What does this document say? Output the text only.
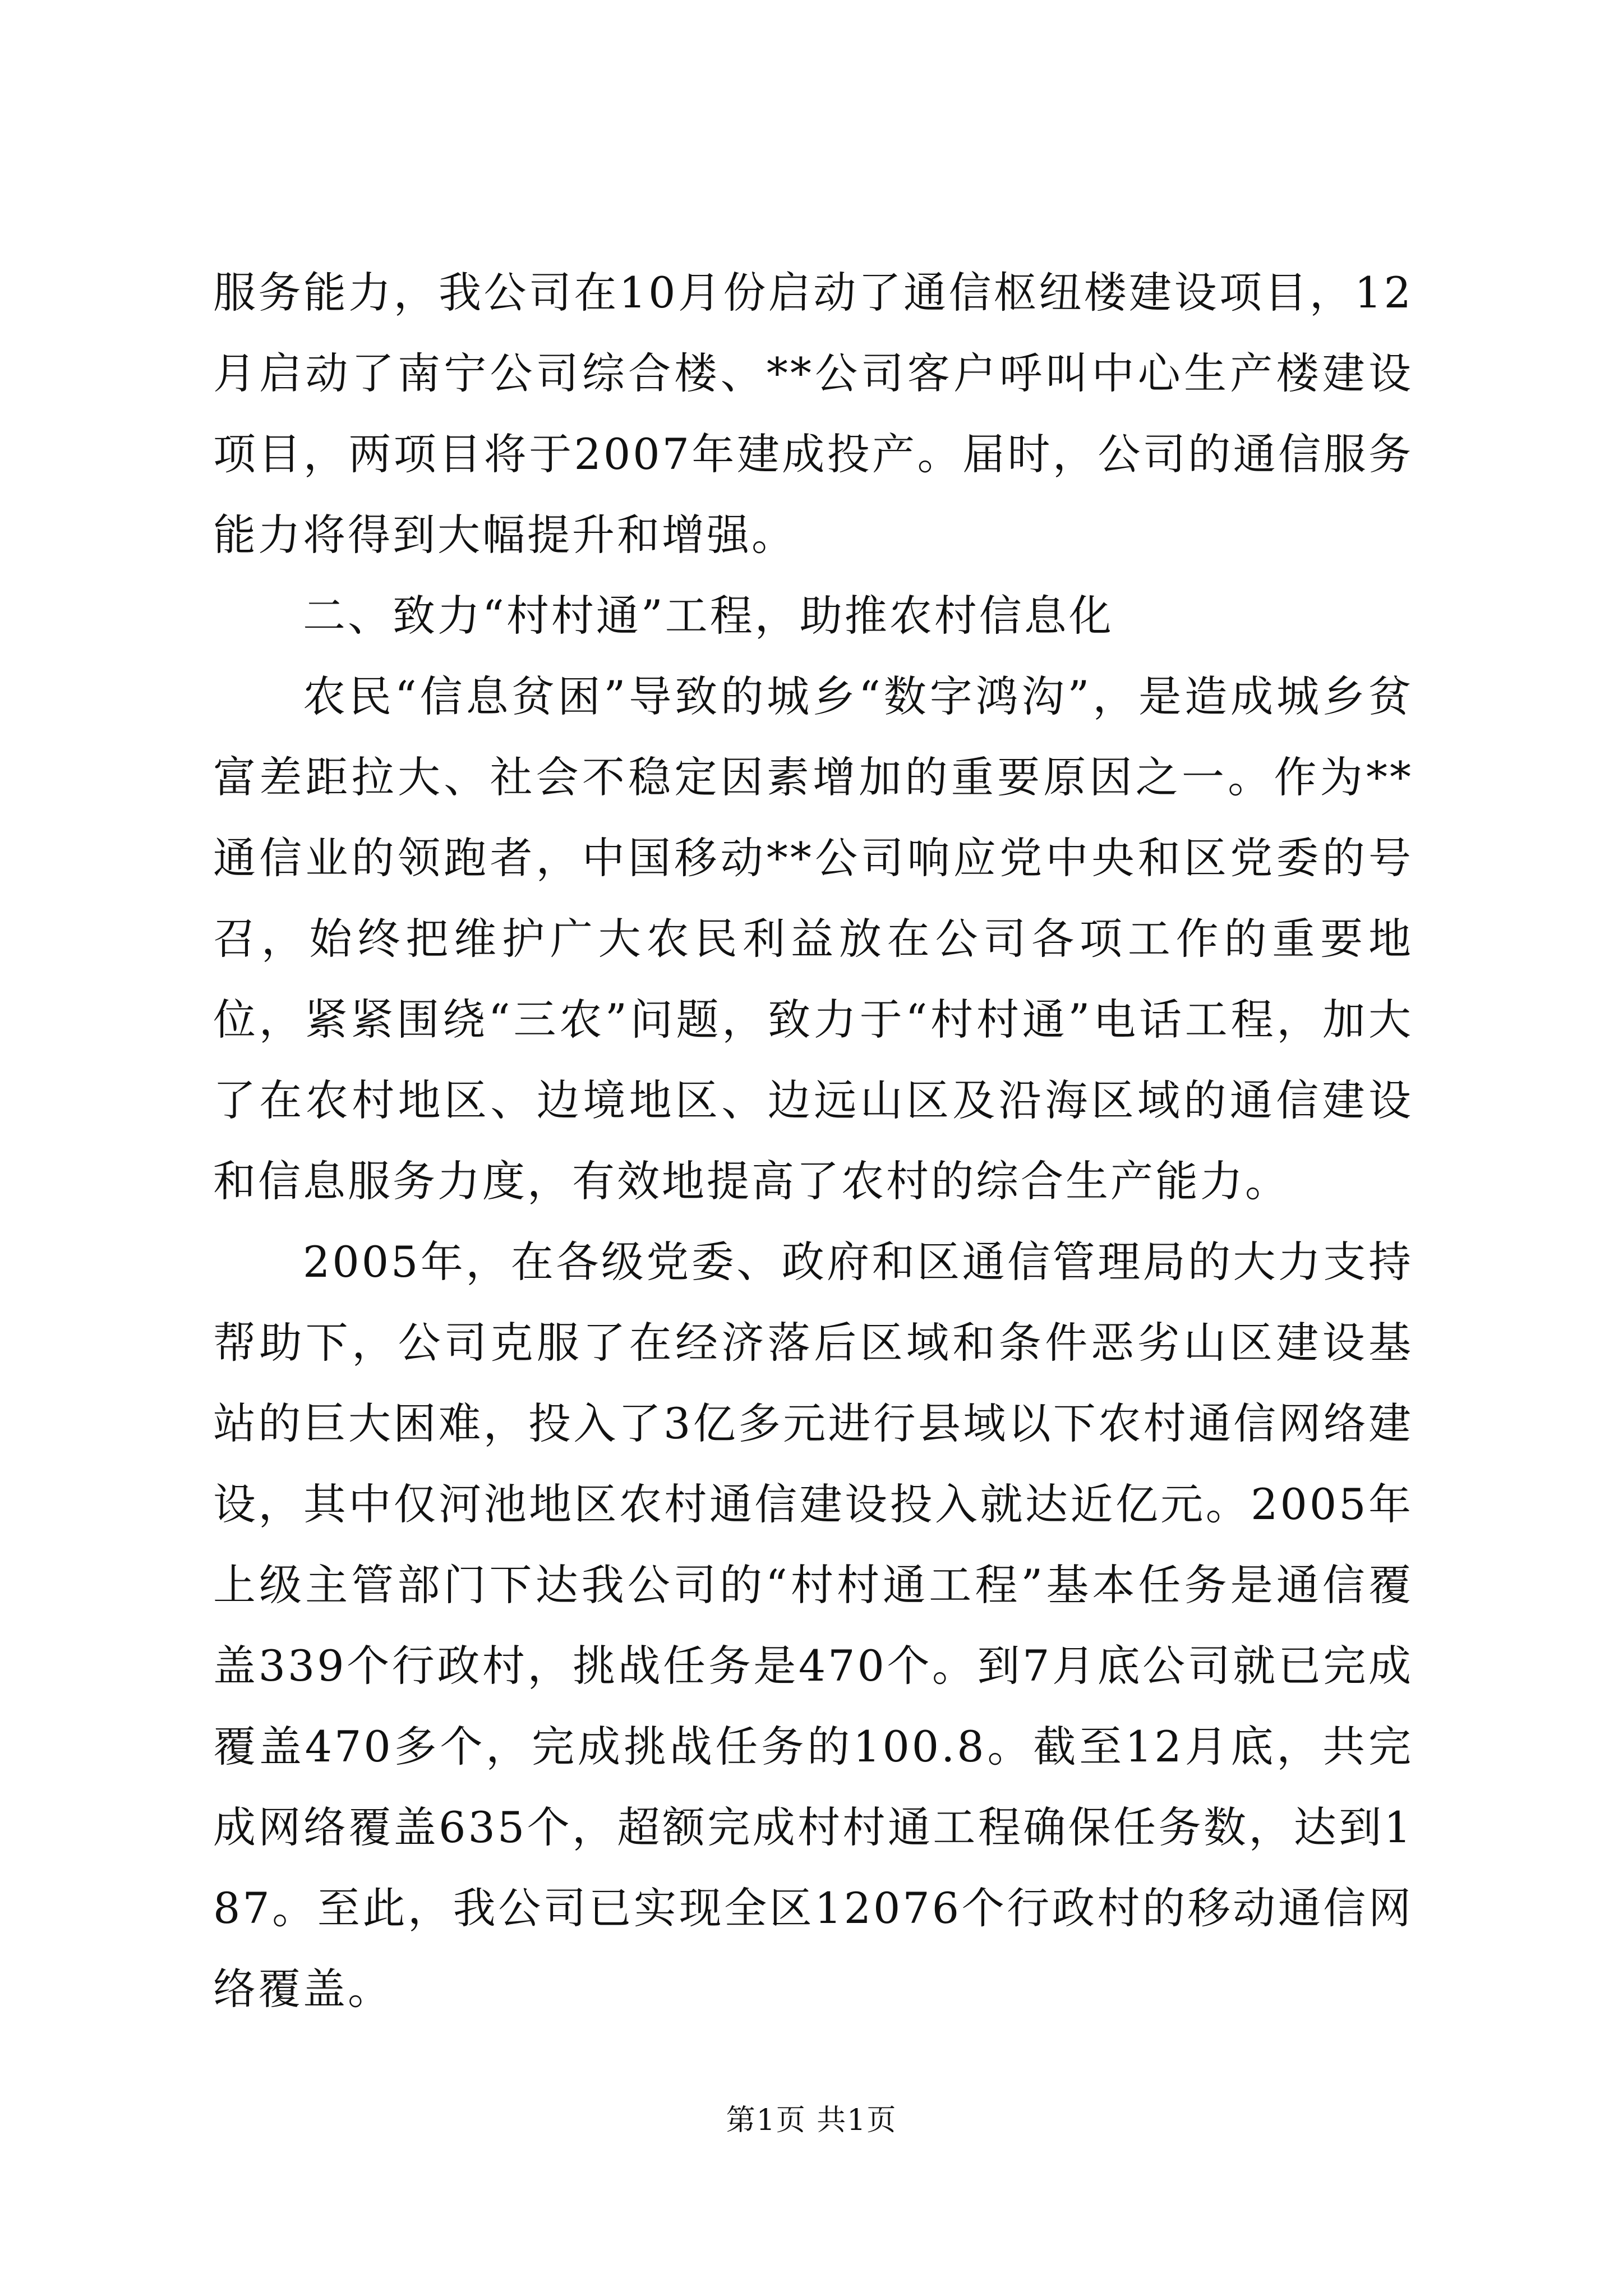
服务能力，我公司在10月份启动了通信枢纽楼建设项目，12月启动了南宁公司综合楼、**公司客户呼叫中心生产楼建设项目，两项目将于2007年建成投产。届时，公司的通信服务能力将得到大幅提升和增强。

二、致力“村村通”工程，助推农村信息化

农民“信息贫困”导致的城乡“数字鸿沟”，是造成城乡贫富差距拉大、社会不稳定因素增加的重要原因之一。作为**通信业的领跑者，中国移动**公司响应党中央和区党委的号召，始终把维护广大农民利益放在公司各项工作的重要地位，紧紧围绕“三农”问题，致力于“村村通”电话工程，加大了在农村地区、边境地区、边远山区及沿海区域的通信建设和信息服务力度，有效地提高了农村的综合生产能力。

2005年，在各级党委、政府和区通信管理局的大力支持帮助下，公司克服了在经济落后区域和条件恶劣山区建设基站的巨大困难，投入了3亿多元进行县域以下农村通信网络建设，其中仅河池地区农村通信建设投入就达近亿元。2005年上级主管部门下达我公司的“村村通工程”基本任务是通信覆盖339个行政村，挑战任务是470个。到7月底公司就已完成覆盖470多个，完成挑战任务的100.8。截至12月底，共完成网络覆盖635个，超额完成村村通工程确保任务数，达到187。至此，我公司已实现全区12076个行政村的移动通信网络覆盖。

第1页 共1页
